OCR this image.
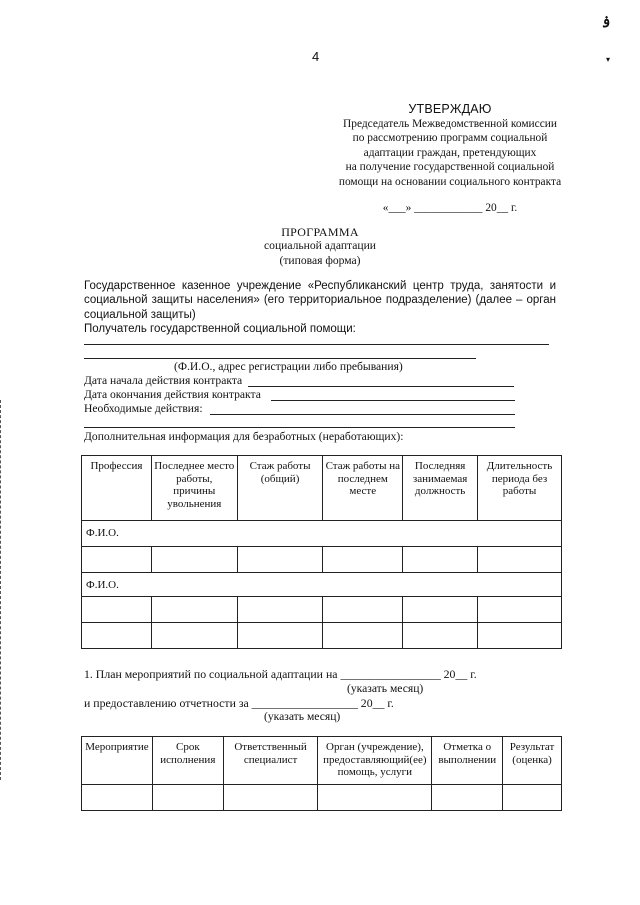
4
ۏ
▾
УТВЕРЖДАЮ
Председатель Межведомственной комиссии
по рассмотрению программ социальной
адаптации граждан, претендующих
на получение государственной социальной
помощи на основании социального контракта
«___» ____________ 20__ г.
ПРОГРАММА
социальной адаптации
(типовая форма)
Государственное казенное учреждение «Республиканский центр труда, занятости и социальной защиты населения» (его территориальное подразделение) (далее – орган социальной защиты)
Получатель государственной социальной помощи:
(Ф.И.О., адрес регистрации либо пребывания)
Дата начала действия контракта
Дата окончания действия контракта
Необходимые действия:
Дополнительная информация для безработных (неработающих):
Профессия	Последнее место работы, причины увольнения	Стаж работы (общий)	Стаж работы на последнем месте	Последняя занимаемая должность	Длительность периода без работы
Ф.И.О.					

Ф.И.О.					

1. План мероприятий по социальной адаптации на _________________ 20__ г.
(указать месяц)
и предоставлению отчетности за __________________ 20__ г.
(указать месяц)
Мероприятие	Срок исполнения	Ответственный специалист	Орган (учреждение), предоставляющий(ее) помощь, услуги	Отметка о выполнении	Результат (оценка)
